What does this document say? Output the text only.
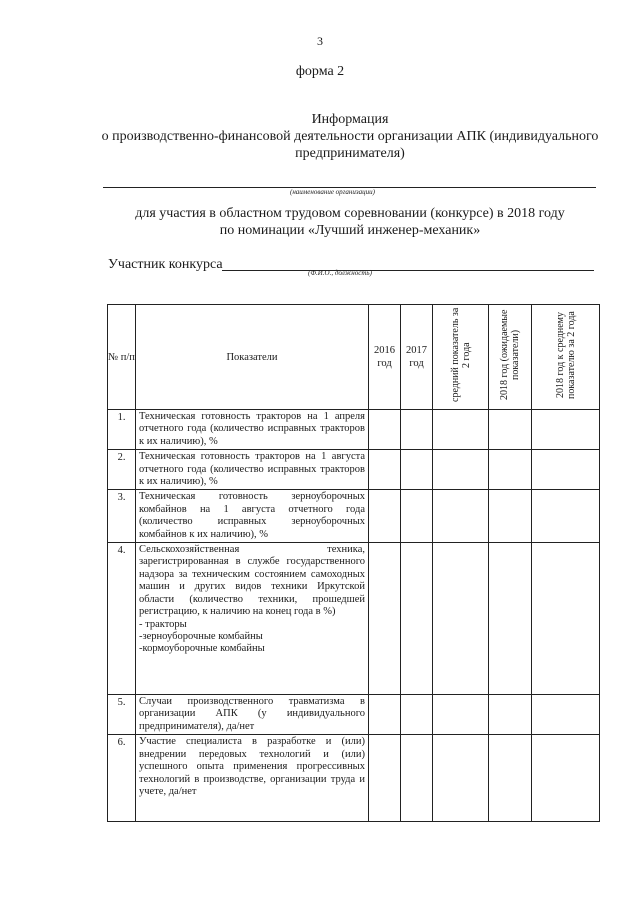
3
форма 2
Информация
о производственно-финансовой деятельности организации АПК (индивидуального
предпринимателя)
(наименование организации)
для участия в областном трудовом соревновании (конкурсе) в 2018 году
по номинации «Лучший инженер-механик»
Участник конкурса
(Ф.И.О., должность)
№ п/п	Показатели	2016 год	2017 год	средний показатель за 2 года	2018 год (ожидаемые показатели)	2018 год к среднему показателю за 2 года
1.	Техническая готовность тракторов на 1 апреля отчетного года (количество исправных тракторов к их наличию), %					
2.	Техническая готовность тракторов на 1 августа отчетного года (количество исправных тракторов к их наличию), %					
3.	Техническая готовность зерноуборочных комбайнов на 1 августа отчетного года (количество исправных зерноуборочных комбайнов к их наличию), %					
4.	Сельскохозяйственная техника, зарегистрированная в службе государственного надзора за техническим состоянием самоходных машин и других видов техники Иркутской области (количество техники, прошедшей регистрацию, к наличию на конец года в %)
- тракторы
-зерноуборочные комбайны
-кормоуборочные комбайны					

5.	Случаи производственного травматизма в организации АПК (у индивидуального предпринимателя), да/нет					
6.	Участие специалиста в разработке и (или) внедрении передовых технологий и (или) успешного опыта применения прогрессивных технологий в производстве, организации труда и учете, да/нет					
